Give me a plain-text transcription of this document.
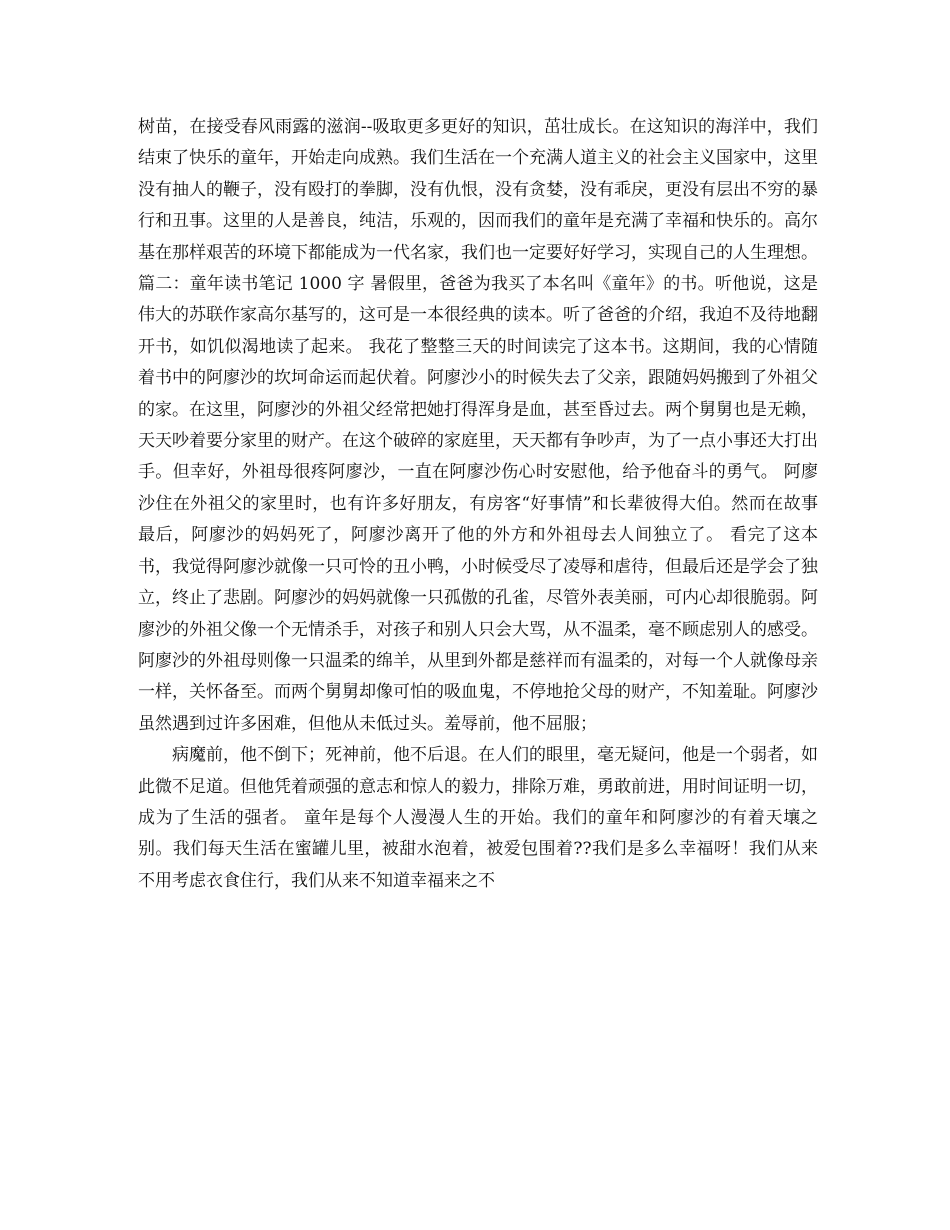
树苗，在接受春风雨露的滋润--吸取更多更好的知识，茁壮成长。在这知识的海洋中，我们结束了快乐的童年，开始走向成熟。我们生活在一个充满人道主义的社会主义国家中，这里没有抽人的鞭子，没有殴打的拳脚，没有仇恨，没有贪婪，没有乖戾，更没有层出不穷的暴行和丑事。这里的人是善良，纯洁，乐观的，因而我们的童年是充满了幸福和快乐的。高尔基在那样艰苦的环境下都能成为一代名家，我们也一定要好好学习，实现自己的人生理想。 篇二：童年读书笔记 1000 字 暑假里，爸爸为我买了本名叫《童年》的书。听他说，这是伟大的苏联作家高尔基写的，这可是一本很经典的读本。听了爸爸的介绍，我迫不及待地翻开书，如饥似渴地读了起来。 我花了整整三天的时间读完了这本书。这期间，我的心情随着书中的阿廖沙的坎坷命运而起伏着。阿廖沙小的时候失去了父亲，跟随妈妈搬到了外祖父的家。在这里，阿廖沙的外祖父经常把她打得浑身是血，甚至昏过去。两个舅舅也是无赖，天天吵着要分家里的财产。在这个破碎的家庭里，天天都有争吵声，为了一点小事还大打出手。但幸好，外祖母很疼阿廖沙，一直在阿廖沙伤心时安慰他，给予他奋斗的勇气。 阿廖沙住在外祖父的家里时，也有许多好朋友，有房客“好事情”和长辈彼得大伯。然而在故事最后，阿廖沙的妈妈死了，阿廖沙离开了他的外方和外祖母去人间独立了。 看完了这本书，我觉得阿廖沙就像一只可怜的丑小鸭，小时候受尽了凌辱和虐待，但最后还是学会了独立，终止了悲剧。阿廖沙的妈妈就像一只孤傲的孔雀，尽管外表美丽，可内心却很脆弱。阿廖沙的外祖父像一个无情杀手，对孩子和别人只会大骂，从不温柔，毫不顾虑别人的感受。阿廖沙的外祖母则像一只温柔的绵羊，从里到外都是慈祥而有温柔的，对每一个人就像母亲一样，关怀备至。而两个舅舅却像可怕的吸血鬼，不停地抢父母的财产，不知羞耻。阿廖沙虽然遇到过许多困难，但他从未低过头。羞辱前，他不屈服；

病魔前，他不倒下；死神前，他不后退。在人们的眼里，毫无疑问，他是一个弱者，如此微不足道。但他凭着顽强的意志和惊人的毅力，排除万难，勇敢前进，用时间证明一切，成为了生活的强者。 童年是每个人漫漫人生的开始。我们的童年和阿廖沙的有着天壤之别。我们每天生活在蜜罐儿里，被甜水泡着，被爱包围着??我们是多么幸福呀！我们从来不用考虑衣食住行，我们从来不知道幸福来之不
